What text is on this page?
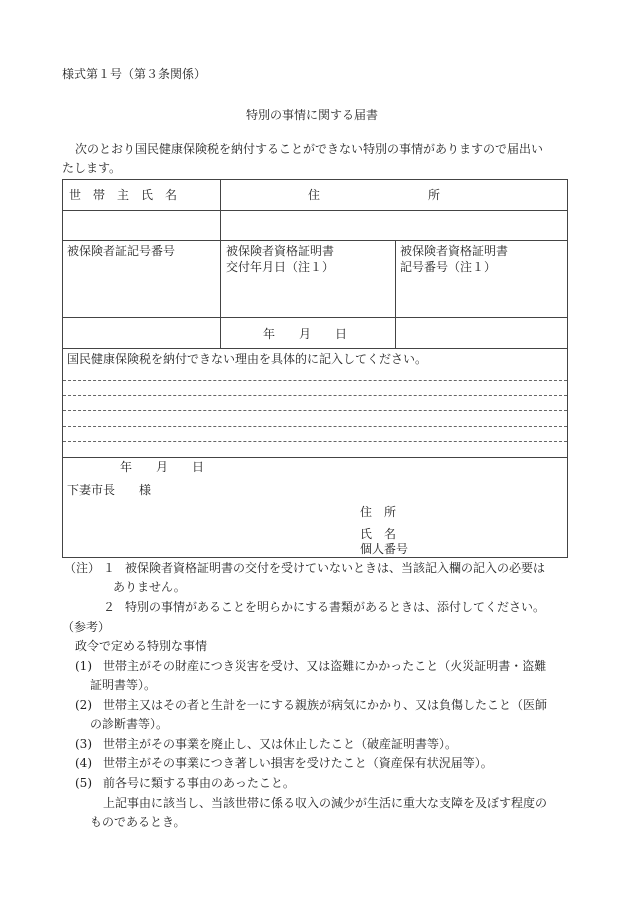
様式第１号（第３条関係）
特別の事情に関する届書
次のとおり国民健康保険税を納付することができない特別の事情がありますので届出い
たします。
世　帯　主　氏　名	住　　　　　　　　　所
被保険者証記号番号	被保険者資格証明書
交付年月日（注１）
被保険者資格証明書
記号番号（注１）
年　　月　　日
国民健康保険税を納付できない理由を具体的に記入してください。
年　　月　　日
下妻市長　　様
住　所
氏　名
個人番号
（注） １ 被保険者資格証明書の交付を受けていないときは、当該記入欄の記入の必要は
ありません。
２ 特別の事情があることを明らかにする書類があるときは、添付してください。
（参考）
政令で定める特別な事情
(1) 世帯主がその財産につき災害を受け、又は盗難にかかったこと（火災証明書・盗難
証明書等）。
(2) 世帯主又はその者と生計を一にする親族が病気にかかり、又は負傷したこと（医師
の診断書等）。
(3) 世帯主がその事業を廃止し、又は休止したこと（破産証明書等）。
(4) 世帯主がその事業につき著しい損害を受けたこと（資産保有状況届等）。
(5) 前各号に類する事由のあったこと。
上記事由に該当し、当該世帯に係る収入の減少が生活に重大な支障を及ぼす程度の
ものであるとき。
